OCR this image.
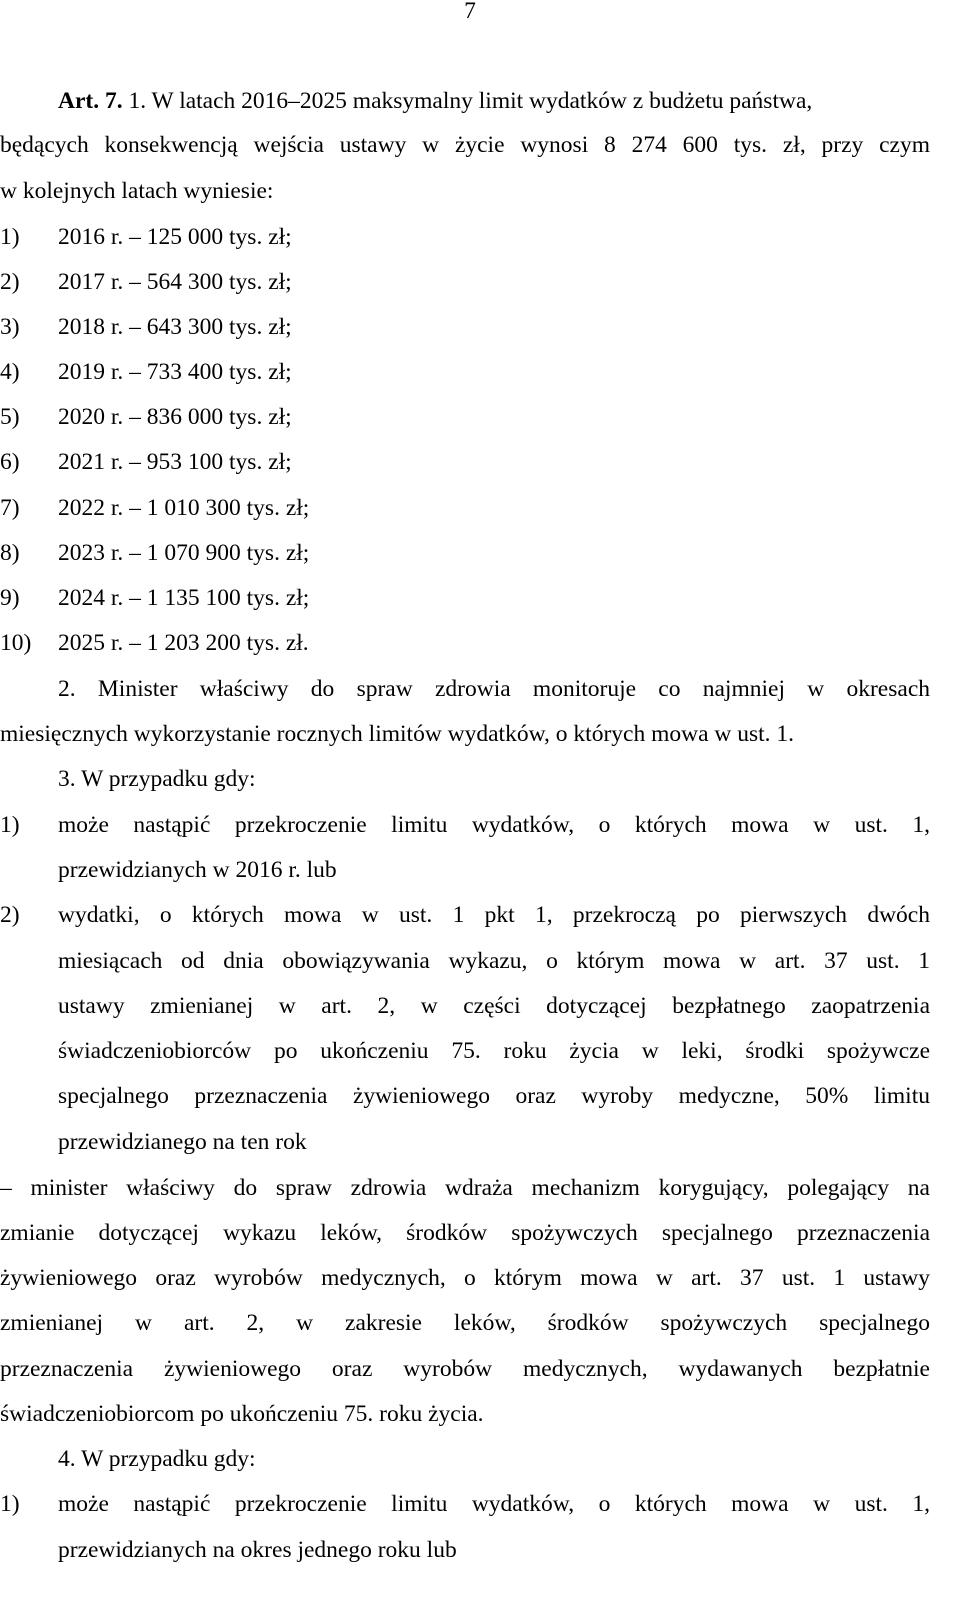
7
Art. 7. 1. W latach 2016–2025 maksymalny limit wydatków z budżetu państwa,
będących konsekwencją wejścia ustawy w życie wynosi 8 274 600 tys. zł, przy czym
w kolejnych latach wyniesie:
1) 2016 r. – 125 000 tys. zł;
2) 2017 r. – 564 300 tys. zł;
3) 2018 r. – 643 300 tys. zł;
4) 2019 r. – 733 400 tys. zł;
5) 2020 r. – 836 000 tys. zł;
6) 2021 r. – 953 100 tys. zł;
7) 2022 r. – 1 010 300 tys. zł;
8) 2023 r. – 1 070 900 tys. zł;
9) 2024 r. – 1 135 100 tys. zł;
10) 2025 r. – 1 203 200 tys. zł.
2. Minister właściwy do spraw zdrowia monitoruje co najmniej w okresach
miesięcznych wykorzystanie rocznych limitów wydatków, o których mowa w ust. 1.
3. W przypadku gdy:
1) może nastąpić przekroczenie limitu wydatków, o których mowa w ust. 1,
przewidzianych w 2016 r. lub
2) wydatki, o których mowa w ust. 1 pkt 1, przekroczą po pierwszych dwóch
miesiącach od dnia obowiązywania wykazu, o którym mowa w art. 37 ust. 1
ustawy zmienianej w art. 2, w części dotyczącej bezpłatnego zaopatrzenia
świadczeniobiorców po ukończeniu 75. roku życia w leki, środki spożywcze
specjalnego przeznaczenia żywieniowego oraz wyroby medyczne, 50% limitu
przewidzianego na ten rok
– minister właściwy do spraw zdrowia wdraża mechanizm korygujący, polegający na
zmianie dotyczącej wykazu leków, środków spożywczych specjalnego przeznaczenia
żywieniowego oraz wyrobów medycznych, o którym mowa w art. 37 ust. 1 ustawy
zmienianej w art. 2, w zakresie leków, środków spożywczych specjalnego
przeznaczenia żywieniowego oraz wyrobów medycznych, wydawanych bezpłatnie
świadczeniobiorcom po ukończeniu 75. roku życia.
4. W przypadku gdy:
1) może nastąpić przekroczenie limitu wydatków, o których mowa w ust. 1,
przewidzianych na okres jednego roku lub
